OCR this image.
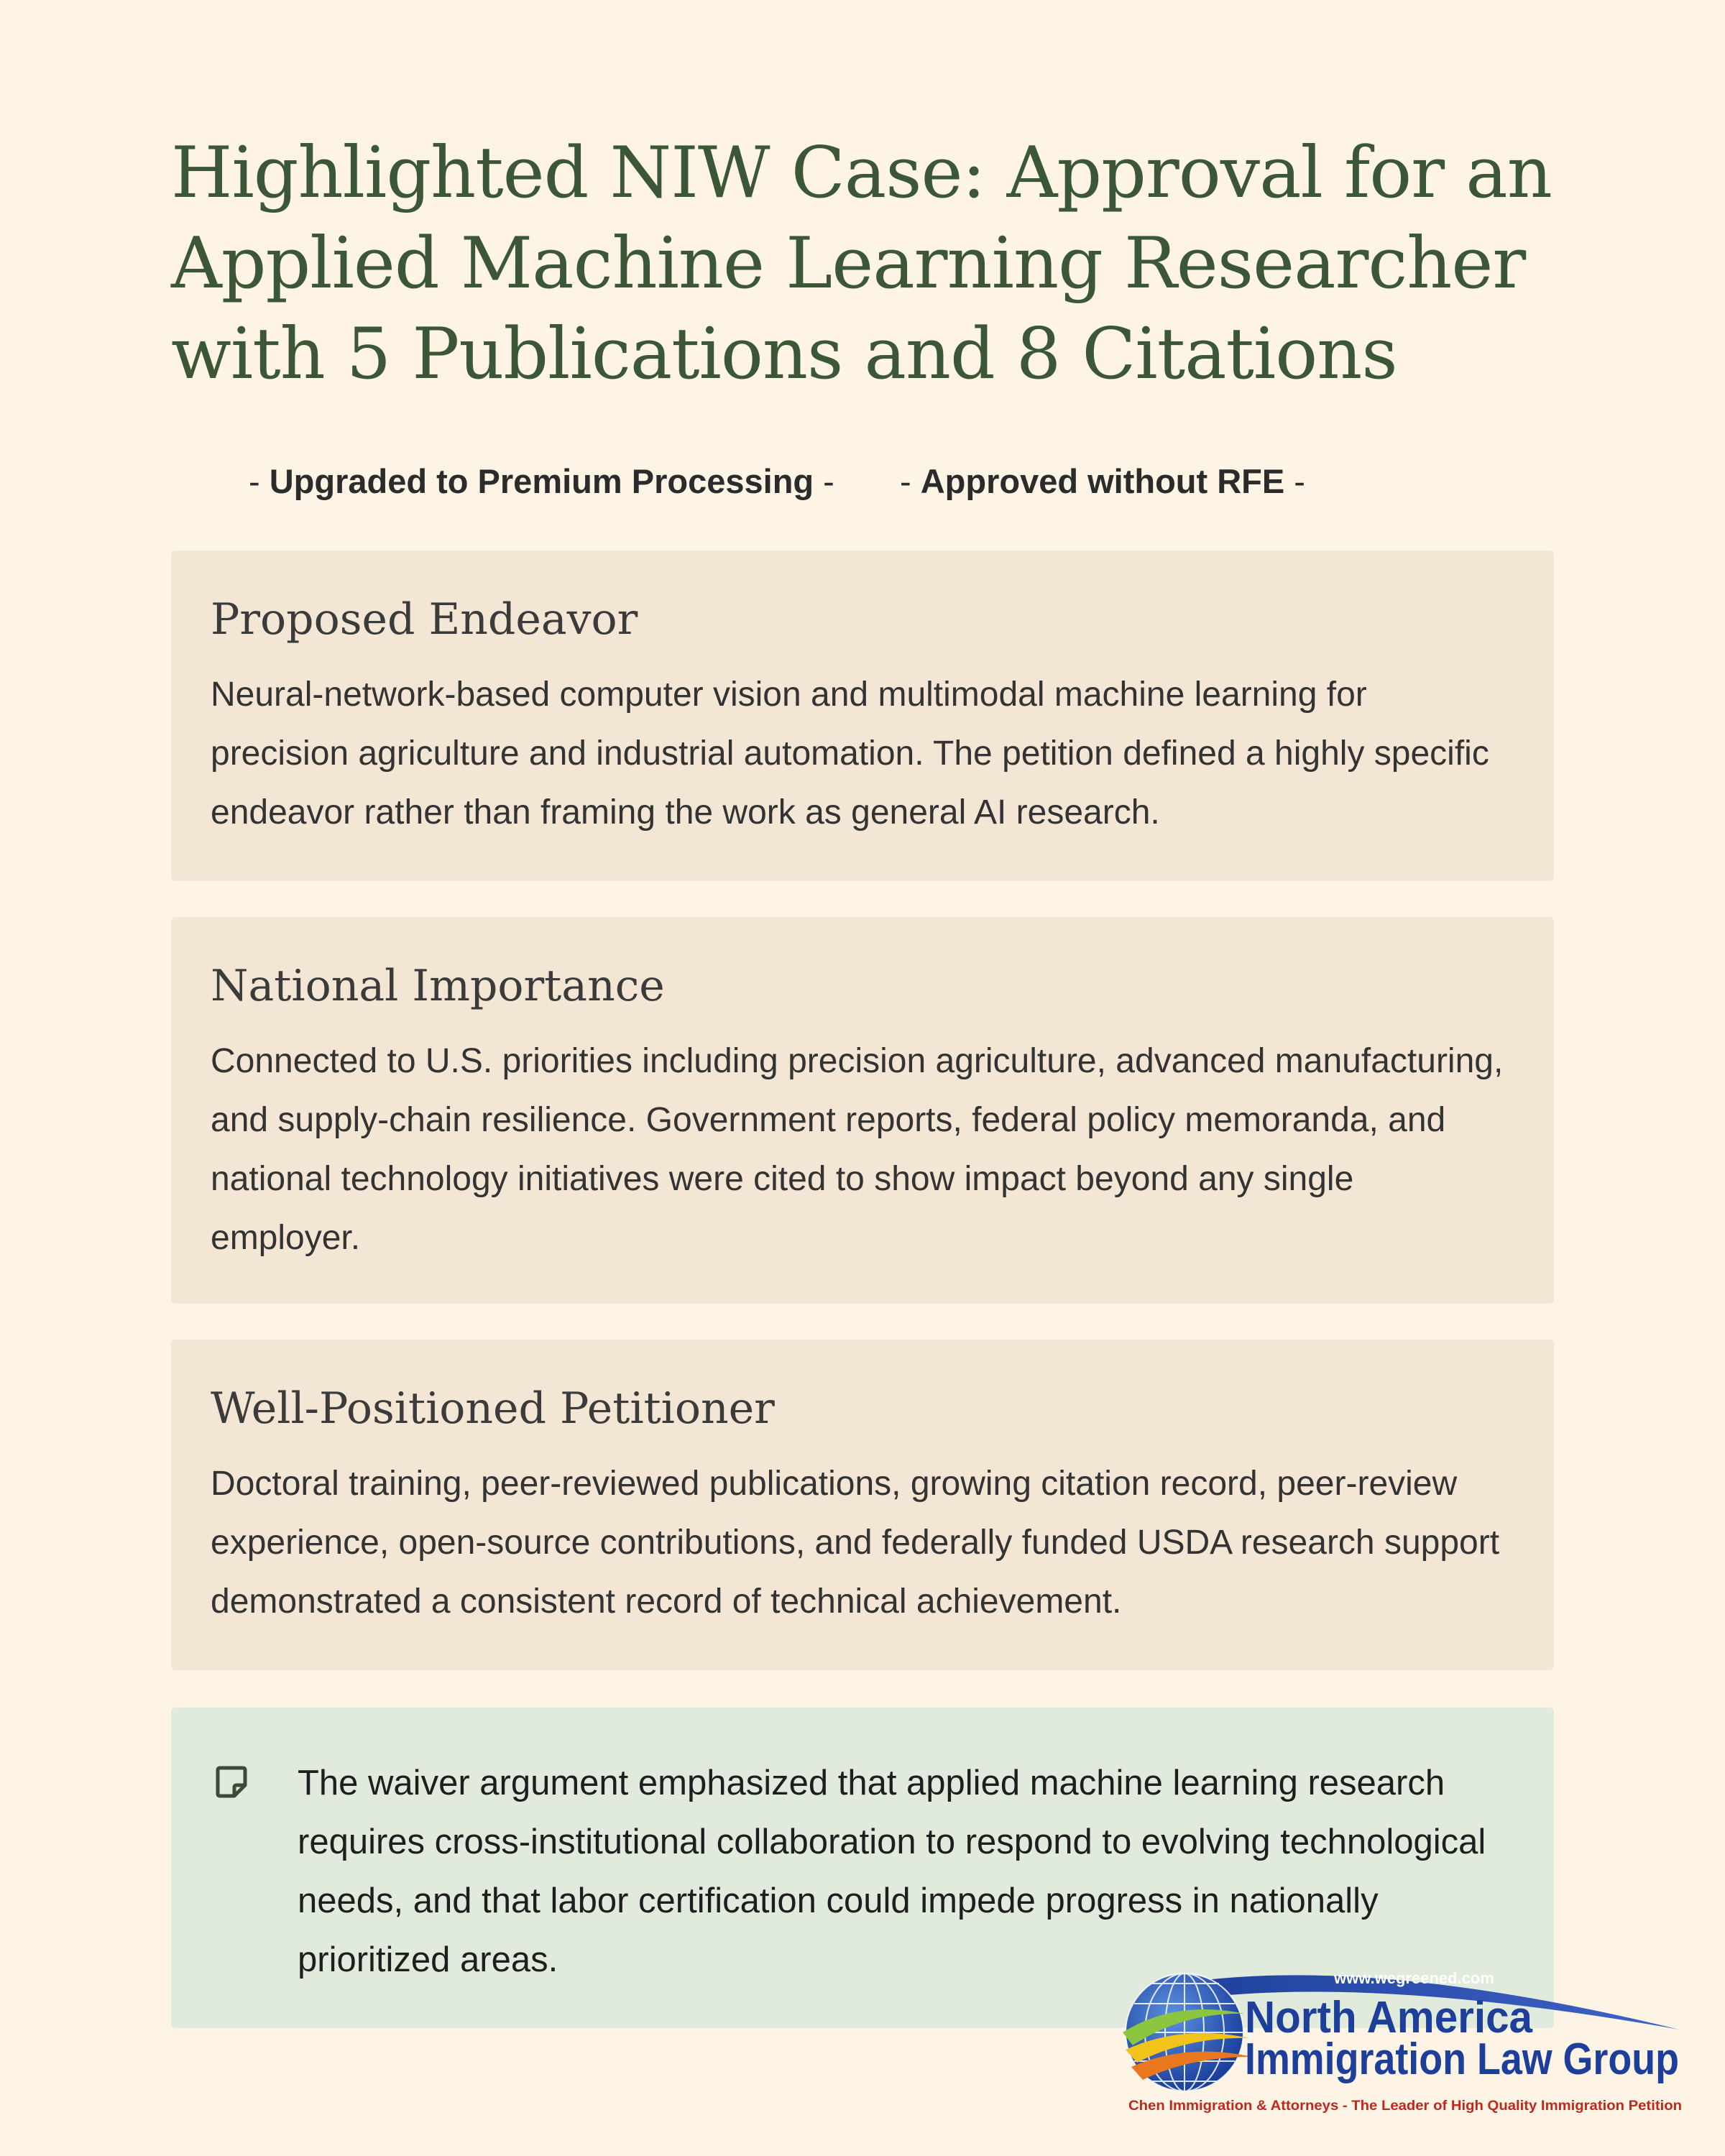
Highlighted NIW Case: Approval for an Applied Machine Learning Researcher with 5 Publications and 8 Citations
- Upgraded to Premium Processing - - Approved without RFE -
Proposed Endeavor

Neural-network-based computer vision and multimodal machine learning for precision agriculture and industrial automation. The petition defined a highly specific endeavor rather than framing the work as general AI research.

National Importance

Connected to U.S. priorities including precision agriculture, advanced manufacturing, and supply-chain resilience. Government reports, federal policy memoranda, and national technology initiatives were cited to show impact beyond any single employer.

Well-Positioned Petitioner

Doctoral training, peer-reviewed publications, growing citation record, peer-review experience, open-source contributions, and federally funded USDA research support demonstrated a consistent record of technical achievement.

The waiver argument emphasized that applied machine learning research requires cross-institutional collaboration to respond to evolving technological needs, and that labor certification could impede progress in nationally prioritized areas.	www.wegreened.com
North America
Immigration Law Group
Chen Immigration & Attorneys - The Leader of High Quality Immigration Petition
